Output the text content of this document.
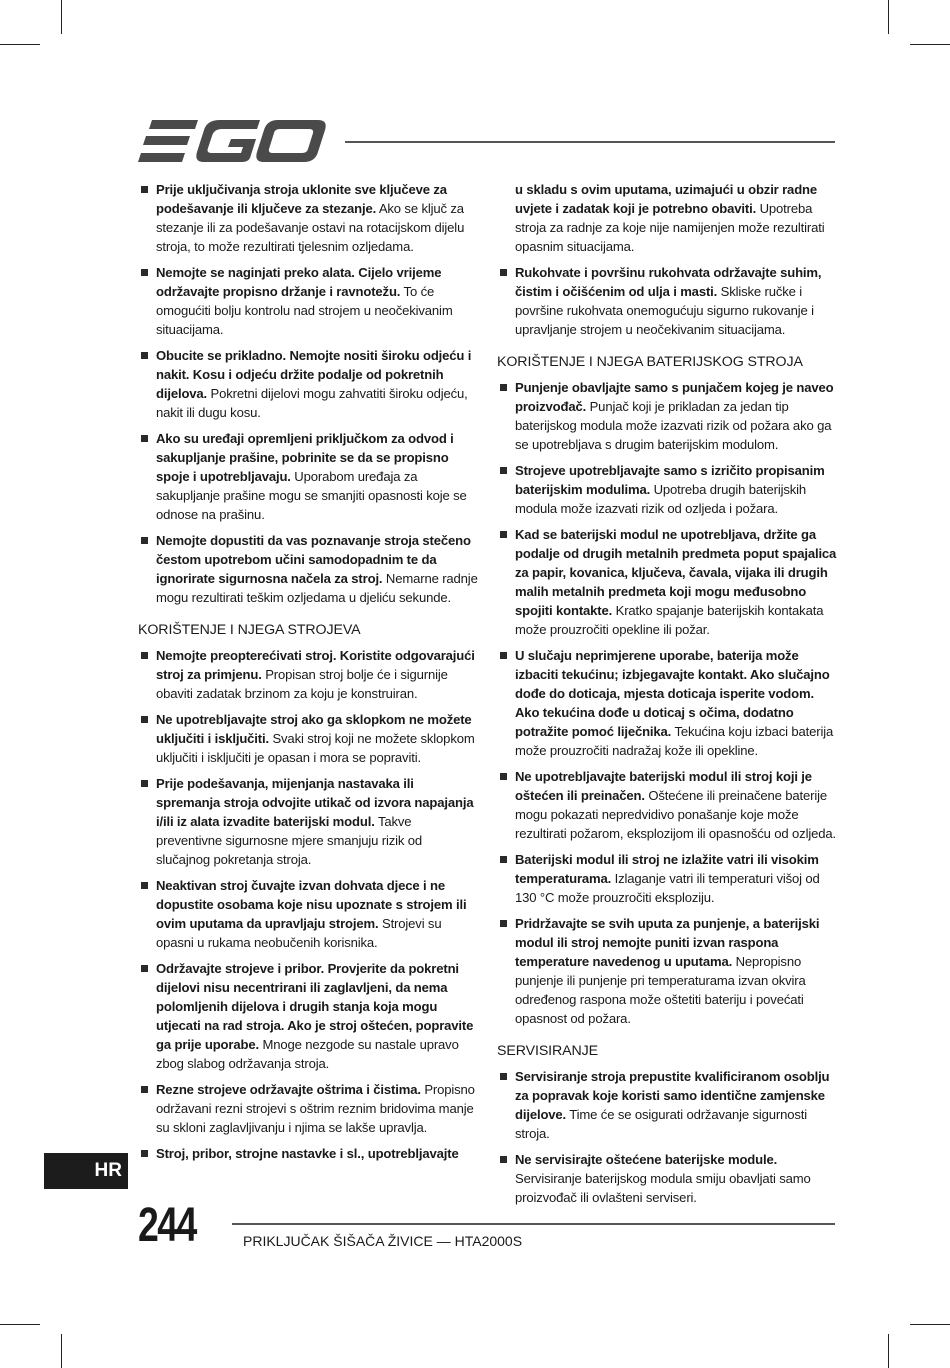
Prije uključivanja stroja uklonite sve ključeve za podešavanje ili ključeve za stezanje. Ako se ključ za stezanje ili za podešavanje ostavi na rotacijskom dijelu stroja, to može rezultirati tjelesnim ozljedama.
Nemojte se naginjati preko alata. Cijelo vrijeme održavajte propisno držanje i ravnotežu. To će omogućiti bolju kontrolu nad strojem u neočekivanim situacijama.
Obucite se prikladno. Nemojte nositi široku odjeću i nakit. Kosu i odjeću držite podalje od pokretnih dijelova. Pokretni dijelovi mogu zahvatiti široku odjeću, nakit ili dugu kosu.
Ako su uređaji opremljeni priključkom za odvod i sakupljanje prašine, pobrinite se da se propisno spoje i upotrebljavaju. Uporabom uređaja za sakupljanje prašine mogu se smanjiti opasnosti koje se odnose na prašinu.
Nemojte dopustiti da vas poznavanje stroja stečeno čestom upotrebom učini samodopadnim te da ignorirate sigurnosna načela za stroj. Nemarne radnje mogu rezultirati teškim ozljedama u djeliću sekunde.
KORIŠTENJE I NJEGA STROJEVA
Nemojte preopterećivati stroj. Koristite odgovarajući stroj za primjenu. Propisan stroj bolje će i sigurnije obaviti zadatak brzinom za koju je konstruiran.
Ne upotrebljavajte stroj ako ga sklopkom ne možete uključiti i isključiti. Svaki stroj koji ne možete sklopkom uključiti i isključiti je opasan i mora se popraviti.
Prije podešavanja, mijenjanja nastavaka ili spremanja stroja odvojite utikač od izvora napajanja i/ili iz alata izvadite baterijski modul. Takve preventivne sigurnosne mjere smanjuju rizik od slučajnog pokretanja stroja.
Neaktivan stroj čuvajte izvan dohvata djece i ne dopustite osobama koje nisu upoznate s strojem ili ovim uputama da upravljaju strojem. Strojevi su opasni u rukama neobučenih korisnika.
Održavajte strojeve i pribor. Provjerite da pokretni dijelovi nisu necentrirani ili zaglavljeni, da nema polomljenih dijelova i drugih stanja koja mogu utjecati na rad stroja. Ako je stroj oštećen, popravite ga prije uporabe. Mnoge nezgode su nastale upravo zbog slabog održavanja stroja.
Rezne strojeve održavajte oštrima i čistima. Propisno održavani rezni strojevi s oštrim reznim bridovima manje su skloni zaglavljivanju i njima se lakše upravlja.
Stroj, pribor, strojne nastavke i sl., upotrebljavajte
u skladu s ovim uputama, uzimajući u obzir radne uvjete i zadatak koji je potrebno obaviti. Upotreba stroja za radnje za koje nije namijenjen može rezultirati opasnim situacijama.
Rukohvate i površinu rukohvata održavajte suhim, čistim i očišćenim od ulja i masti. Skliske ručke i površine rukohvata onemogućuju sigurno rukovanje i upravljanje strojem u neočekivanim situacijama.
KORIŠTENJE I NJEGA BATERIJSKOG STROJA
Punjenje obavljajte samo s punjačem kojeg je naveo proizvođač. Punjač koji je prikladan za jedan tip baterijskog modula može izazvati rizik od požara ako ga se upotrebljava s drugim baterijskim modulom.
Strojeve upotrebljavajte samo s izričito propisanim baterijskim modulima. Upotreba drugih baterijskih modula može izazvati rizik od ozljeda i požara.
Kad se baterijski modul ne upotrebljava, držite ga podalje od drugih metalnih predmeta poput spajalica za papir, kovanica, ključeva, čavala, vijaka ili drugih malih metalnih predmeta koji mogu međusobno spojiti kontakte. Kratko spajanje baterijskih kontakata može prouzročiti opekline ili požar.
U slučaju neprimjerene uporabe, baterija može izbaciti tekućinu; izbjegavajte kontakt. Ako slučajno dođe do doticaja, mjesta doticaja isperite vodom. Ako tekućina dođe u doticaj s očima, dodatno potražite pomoć liječnika. Tekućina koju izbaci baterija može prouzročiti nadražaj kože ili opekline.
Ne upotrebljavajte baterijski modul ili stroj koji je oštećen ili preinačen. Oštećene ili preinačene baterije mogu pokazati nepredvidivo ponašanje koje može rezultirati požarom, eksplozijom ili opasnošću od ozljeda.
Baterijski modul ili stroj ne izlažite vatri ili visokim temperaturama. Izlaganje vatri ili temperaturi višoj od 130 °C može prouzročiti eksploziju.
Pridržavajte se svih uputa za punjenje, a baterijski modul ili stroj nemojte puniti izvan raspona temperature navedenog u uputama. Nepropisno punjenje ili punjenje pri temperaturama izvan okvira određenog raspona može oštetiti bateriju i povećati opasnost od požara.
SERVISIRANJE
Servisiranje stroja prepustite kvalificiranom osoblju za popravak koje koristi samo identične zamjenske dijelove. Time će se osigurati održavanje sigurnosti stroja.
Ne servisirajte oštećene baterijske module. Servisiranje baterijskog modula smiju obavljati samo proizvođač ili ovlašteni serviseri.
HR
244	PRIKLJUČAK ŠIŠAČA ŽIVICE — HTA2000S
